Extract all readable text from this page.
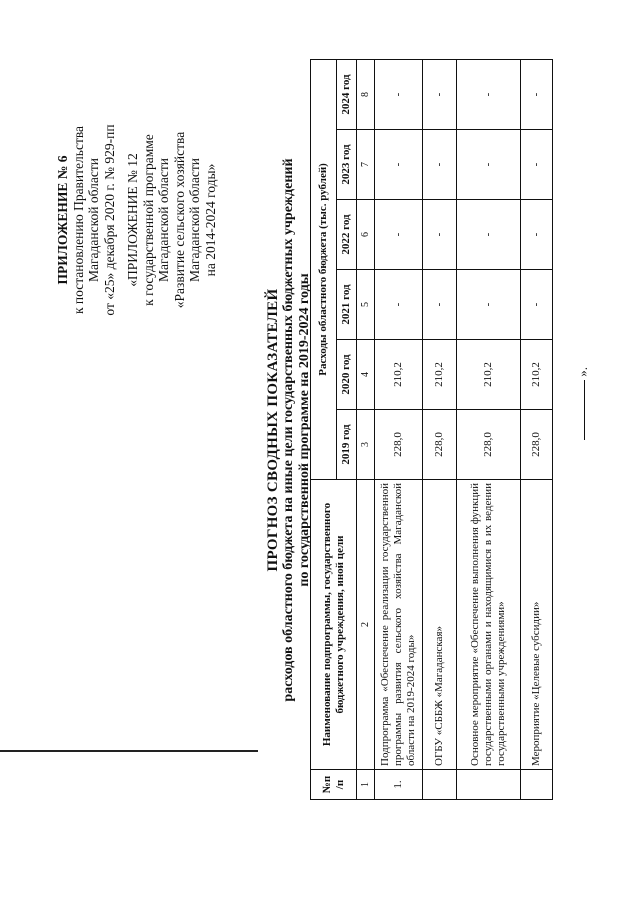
ПРИЛОЖЕНИЕ № 6 к постановлению Правительства Магаданской области от «25» декабря 2020 г. № 929-пп «ПРИЛОЖЕНИЕ № 12 к государственной программе Магаданской области «Развитие сельского хозяйства Магаданской области на 2014-2024 годы»
ПРОГНОЗ СВОДНЫХ ПОКАЗАТЕЛЕЙ расходов областного бюджета на иные цели государственных бюджетных учреждений по государственной программе на 2019-2024 годы
№п /п	Наименование подпрограммы, государственного бюджетного учреждения, иной цели	Расходы областного бюджета (тыс. рублей)					
		2019 год	2020 год	2021 год	2022 год	2023 год	2024 год

1	2	3	4	5	6	7	8
1.	Подпрограмма «Обеспечение реализации государственной программы развития сельского хозяйства Магаданской области на 2019-2024 годы»	228,0	210,2	-	-	-	-
	ОГБУ «СББЖ «Магаданская»	228,0	210,2	-	-	-	-
	Основное мероприятие «Обеспечение выполнения функций государственными органами и находящимися в их ведении государственными учреждениями»	228,0	210,2	-	-	-	-
	Мероприятие «Целевые субсидии»	228,0	210,2	-	-	-	-
».
